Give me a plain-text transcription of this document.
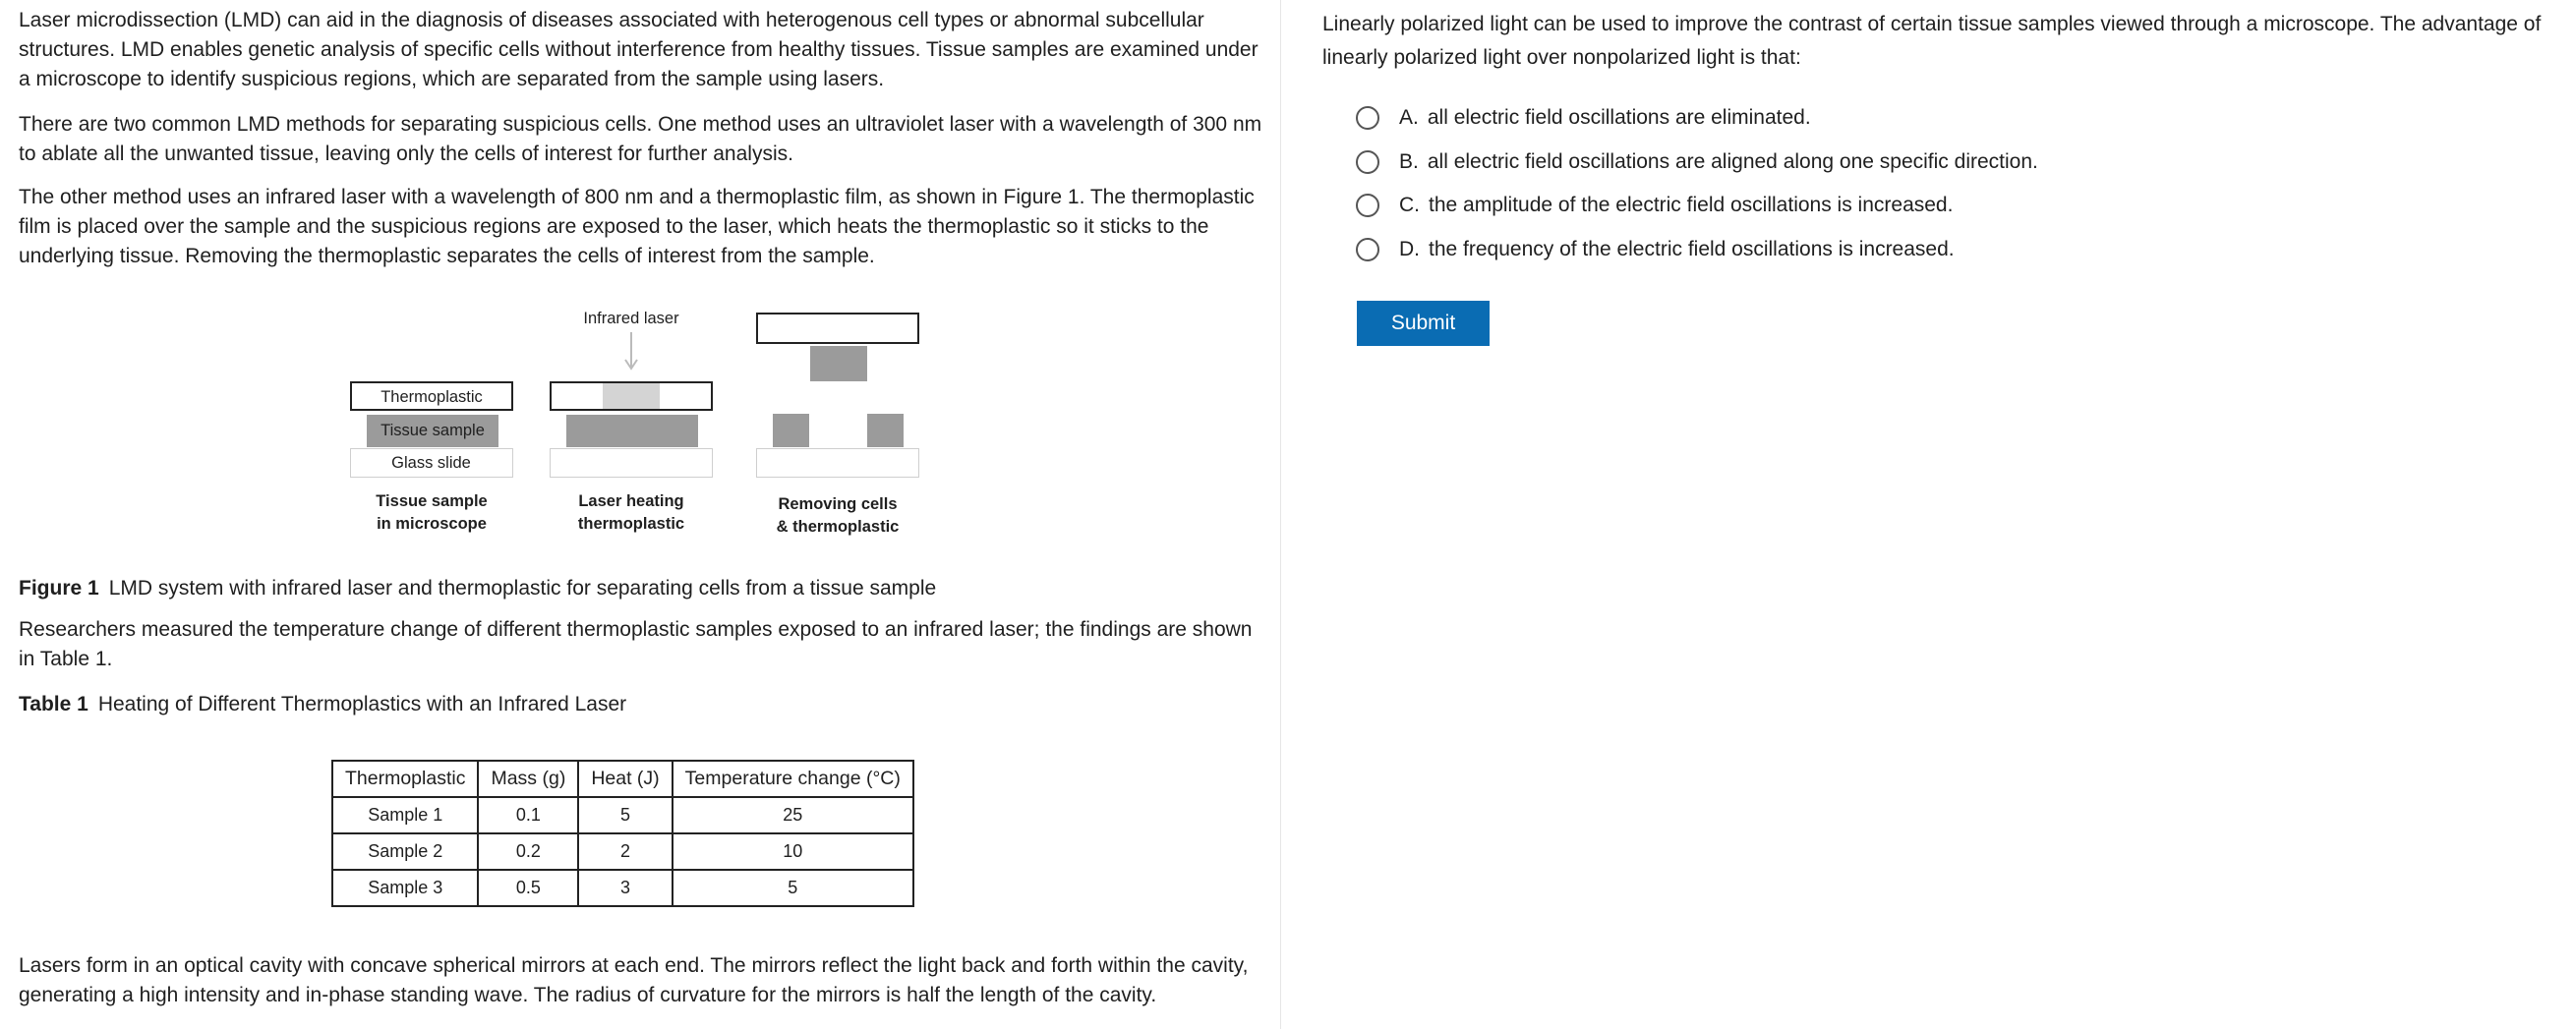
Laser microdissection (LMD) can aid in the diagnosis of diseases associated with heterogenous cell types or abnormal subcellular structures. LMD enables genetic analysis of specific cells without interference from healthy tissues. Tissue samples are examined under a microscope to identify suspicious regions, which are separated from the sample using lasers.

There are two common LMD methods for separating suspicious cells. One method uses an ultraviolet laser with a wavelength of 300 nm to ablate all the unwanted tissue, leaving only the cells of interest for further analysis.

The other method uses an infrared laser with a wavelength of 800 nm and a thermoplastic film, as shown in Figure 1. The thermoplastic film is placed over the sample and the suspicious regions are exposed to the laser, which heats the thermoplastic so it sticks to the underlying tissue. Removing the thermoplastic separates the cells of interest from the sample.

Thermoplastic
Tissue sample
Glass slide
Tissue sample
in microscope
Infrared laser
Laser heating
thermoplastic
Removing cells
& thermoplastic

Figure 1 LMD system with infrared laser and thermoplastic for separating cells from a tissue sample

Researchers measured the temperature change of different thermoplastic samples exposed to an infrared laser; the findings are shown in Table 1.

Table 1 Heating of Different Thermoplastics with an Infrared Laser

Thermoplastic	Mass (g)	Heat (J)	Temperature change (°C)
Sample 1	0.1	5	25
Sample 2	0.2	2	10
Sample 3	0.5	3	5

Lasers form in an optical cavity with concave spherical mirrors at each end. The mirrors reflect the light back and forth within the cavity, generating a high intensity and in-phase standing wave. The radius of curvature for the mirrors is half the length of the cavity.

Linearly polarized light can be used to improve the contrast of certain tissue samples viewed through a microscope. The advantage of linearly polarized light over nonpolarized light is that:

A. all electric field oscillations are eliminated.
B. all electric field oscillations are aligned along one specific direction.
C. the amplitude of the electric field oscillations is increased.
D. the frequency of the electric field oscillations is increased.
Submit
